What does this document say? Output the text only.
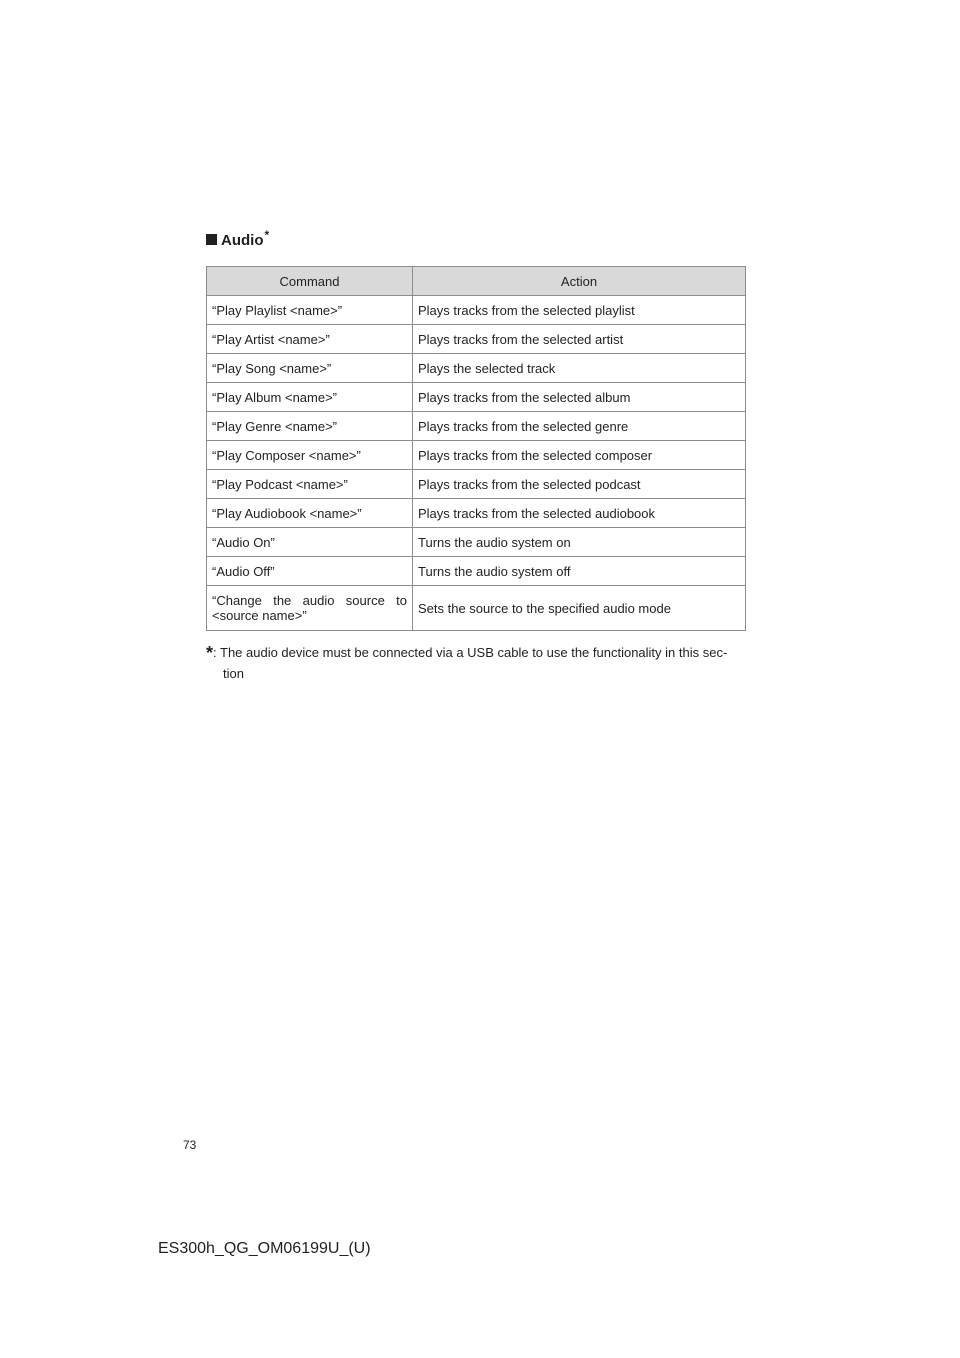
Audio*
Command	Action
“Play Playlist <name>”	Plays tracks from the selected playlist
“Play Artist <name>”	Plays tracks from the selected artist
“Play Song <name>”	Plays the selected track
“Play Album <name>”	Plays tracks from the selected album
“Play Genre <name>”	Plays tracks from the selected genre
“Play Composer <name>”	Plays tracks from the selected composer
“Play Podcast <name>”	Plays tracks from the selected podcast
“Play Audiobook <name>”	Plays tracks from the selected audiobook
“Audio On”	Turns the audio system on
“Audio Off”	Turns the audio system off
“Change the audio source to <source name>”	Sets the source to the specified audio mode
*: The audio device must be connected via a USB cable to use the functionality in this sec-
tion
73
ES300h_QG_OM06199U_(U)
